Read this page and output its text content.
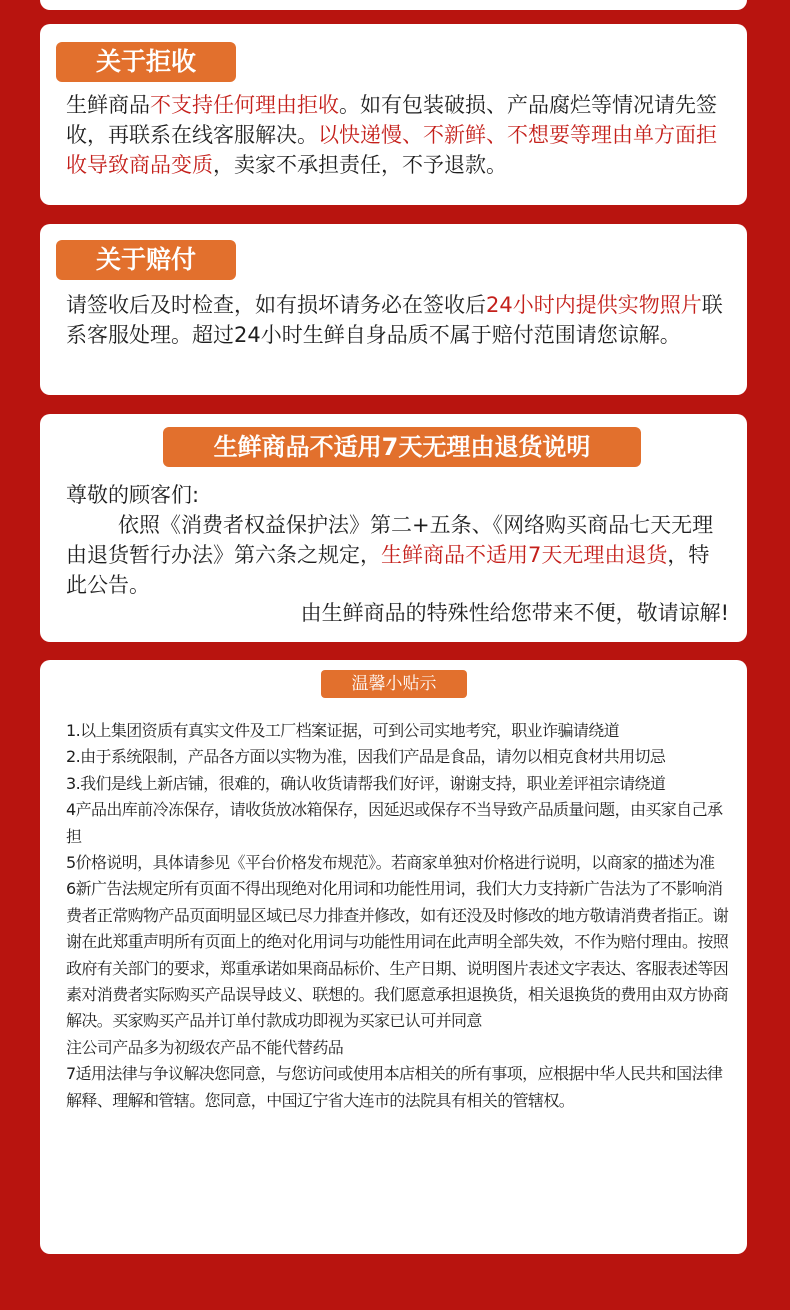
关于拒收
生鲜商品不支持任何理由拒收。如有包装破损、产品腐烂等情况请先签收，再联系在线客服解决。以快递慢、不新鲜、不想要等理由单方面拒收导致商品变质，卖家不承担责任，不予退款。
关于赔付
请签收后及时检查，如有损坏请务必在签收后24小时内提供实物照片联系客服处理。超过24小时生鲜自身品质不属于赔付范围请您谅解。
生鲜商品不适用7天无理由退货说明
尊敬的顾客们:
依照《消费者权益保护法》第二+五条、《网络购买商品七天无理由退货暂行办法》第六条之规定，生鲜商品不适用7天无理由退货，特此公告。
由生鲜商品的特殊性给您带来不便，敬请谅解!
温馨小贴示

1.以上集团资质有真实文件及工厂档案证据，可到公司实地考究，职业诈骗请绕道

2.由于系统限制，产品各方面以实物为准，因我们产品是食品，请勿以相克食材共用切忌

3.我们是线上新店铺，很难的，确认收货请帮我们好评，谢谢支持，职业差评祖宗请绕道

4产品出库前冷冻保存，请收货放冰箱保存，因延迟或保存不当导致产品质量问题，由买家自己承担

5价格说明，具体请参见《平台价格发布规范》。若商家单独对价格进行说明，以商家的描述为准

6新广告法规定所有页面不得出现绝对化用词和功能性用词，我们大力支持新广告法为了不影响消费者正常购物产品页面明显区域已尽力排查并修改，如有还没及时修改的地方敬请消费者指正。谢谢在此郑重声明所有页面上的绝对化用词与功能性用词在此声明全部失效，不作为赔付理由。按照政府有关部门的要求，郑重承诺如果商品标价、生产日期、说明图片表述文字表达、客服表述等因素对消费者实际购买产品误导歧义、联想的。我们愿意承担退换货，相关退换货的费用由双方协商解决。买家购买产品并订单付款成功即视为买家已认可并同意

注公司产品多为初级农产品不能代替药品

7适用法律与争议解决您同意，与您访问或使用本店相关的所有事项，应根据中华人民共和国法律解释、理解和管辖。您同意，中国辽宁省大连市的法院具有相关的管辖权。
